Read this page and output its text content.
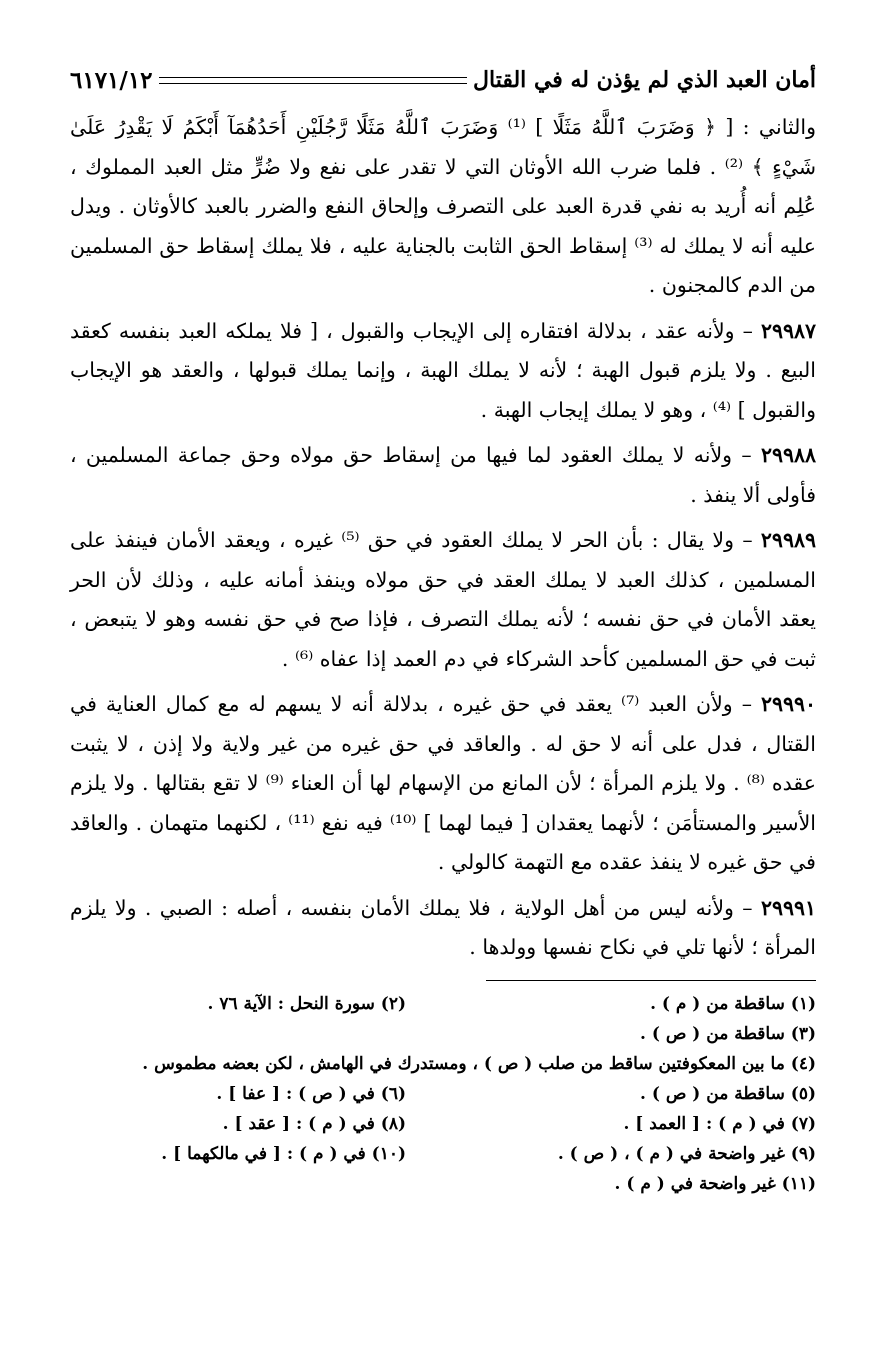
أمان العبد الذي لم يؤذن له في القتال
٦١٧١/١٢

والثاني : [ ﴿ وَضَرَبَ ٱللَّهُ مَثَلًا ] ⁽¹⁾ وَضَرَبَ ٱللَّهُ مَثَلًا رَّجُلَيْنِ أَحَدُهُمَآ أَبْكَمُ لَا يَقْدِرُ عَلَىٰ شَيْءٍ ﴾ ⁽²⁾ . فلما ضرب الله الأوثان التي لا تقدر على نفع ولا ضُرٍّ مثل العبد المملوك ، عُلِم أنه أُريد به نفي قدرة العبد على التصرف وإلحاق النفع والضرر بالعبد كالأوثان . ويدل عليه أنه لا يملك له ⁽³⁾ إسقاط الحق الثابت بالجناية عليه ، فلا يملك إسقاط حق المسلمين من الدم كالمجنون .

٢٩٩٨٧ – ولأنه عقد ، بدلالة افتقاره إلى الإيجاب والقبول ، [ فلا يملكه العبد بنفسه كعقد البيع . ولا يلزم قبول الهبة ؛ لأنه لا يملك الهبة ، وإنما يملك قبولها ، والعقد هو الإيجاب والقبول ] ⁽⁴⁾ ، وهو لا يملك إيجاب الهبة .

٢٩٩٨٨ – ولأنه لا يملك العقود لما فيها من إسقاط حق مولاه وحق جماعة المسلمين ، فأولى ألا ينفذ .

٢٩٩٨٩ – ولا يقال : بأن الحر لا يملك العقود في حق ⁽⁵⁾ غيره ، ويعقد الأمان فينفذ على المسلمين ، كذلك العبد لا يملك العقد في حق مولاه وينفذ أمانه عليه ، وذلك لأن الحر يعقد الأمان في حق نفسه ؛ لأنه يملك التصرف ، فإذا صح في حق نفسه وهو لا يتبعض ، ثبت في حق المسلمين كأحد الشركاء في دم العمد إذا عفاه ⁽⁶⁾ .

٢٩٩٩٠ – ولأن العبد ⁽⁷⁾ يعقد في حق غيره ، بدلالة أنه لا يسهم له مع كمال العناية في القتال ، فدل على أنه لا حق له . والعاقد في حق غيره من غير ولاية ولا إذن ، لا يثبت عقده ⁽⁸⁾ . ولا يلزم المرأة ؛ لأن المانع من الإسهام لها أن العناء ⁽⁹⁾ لا تقع بقتالها . ولا يلزم الأسير والمستأمَن ؛ لأنهما يعقدان [ فيما لهما ] ⁽¹⁰⁾ فيه نفع ⁽¹¹⁾ ، لكنهما متهمان . والعاقد في حق غيره لا ينفذ عقده مع التهمة كالولي .

٢٩٩٩١ – ولأنه ليس من أهل الولاية ، فلا يملك الأمان بنفسه ، أصله : الصبي . ولا يلزم المرأة ؛ لأنها تلي في نكاح نفسها وولدها .

(١) ساقطة من ( م ) .
(٢) سورة النحل : الآية ٧٦ .
(٣) ساقطة من ( ص ) .
(٤) ما بين المعكوفتين ساقط من صلب ( ص ) ، ومستدرك في الهامش ، لكن بعضه مطموس .
(٥) ساقطة من ( ص ) .
(٦) في ( ص ) : [ عفا ] .
(٧) في ( م ) : [ العمد ] .
(٨) في ( م ) : [ عقد ] .
(٩) غير واضحة في ( م ) ، ( ص ) .
(١٠) في ( م ) : [ في مالكهما ] .
(١١) غير واضحة في ( م ) .
